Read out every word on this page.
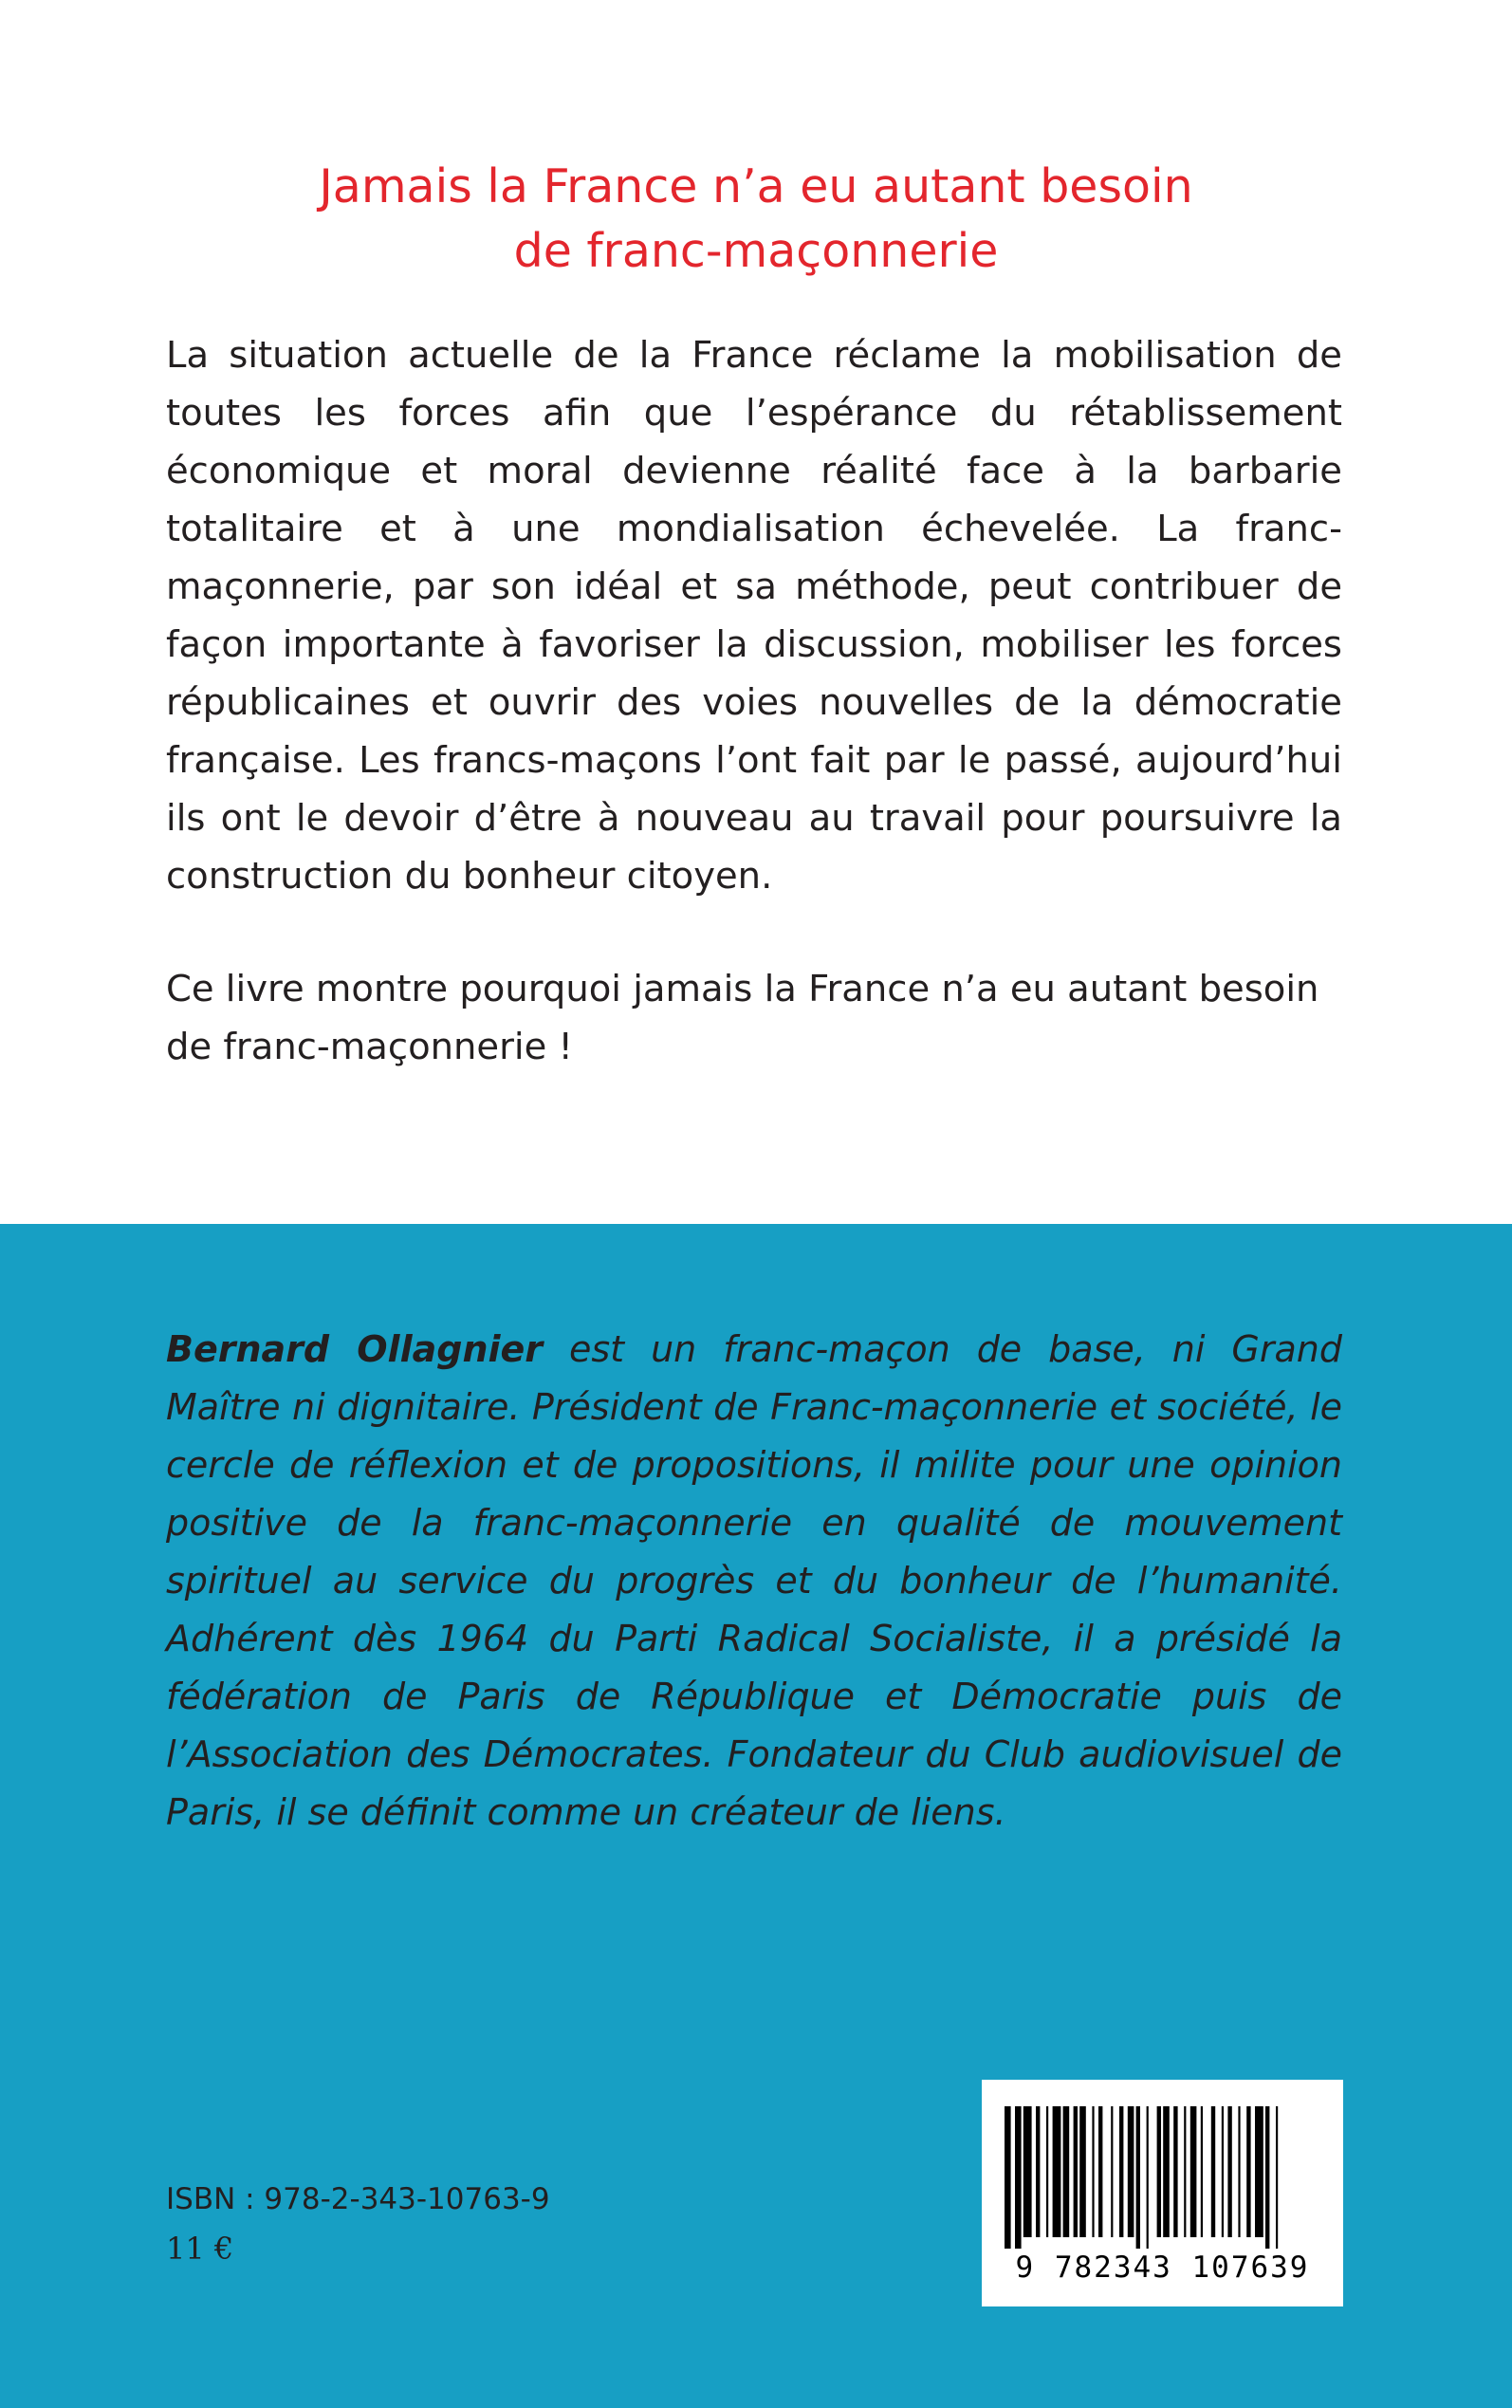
Jamais la France n’a eu autant besoin
de franc-maçonnerie

La situation actuelle de la France réclame la mobilisation de toutes les forces afin que l’espérance du rétablissement économique et moral devienne réalité face à la barbarie totalitaire et à une mondialisation échevelée. La franc-maçonnerie, par son idéal et sa méthode, peut contribuer de façon importante à favoriser la discussion, mobiliser les forces républicaines et ouvrir des voies nouvelles de la démocratie française. Les francs-maçons l’ont fait par le passé, aujourd’hui ils ont le devoir d’être à nouveau au travail pour poursuivre la construction du bonheur citoyen.

Ce livre montre pourquoi jamais la France n’a eu autant besoin de franc-maçonnerie !

Bernard Ollagnier est un franc-maçon de base, ni Grand Maître ni dignitaire. Président de Franc-maçonnerie et société, le cercle de réflexion et de propositions, il milite pour une opinion positive de la franc-maçonnerie en qualité de mouvement spirituel au service du progrès et du bonheur de l’humanité. Adhérent dès 1964 du Parti Radical Socialiste, il a présidé la fédération de Paris de République et Démocratie puis de l’Association des Démocrates. Fondateur du Club audiovisuel de Paris, il se définit comme un créateur de liens.

ISBN : 978-2-343-10763-9
11 €
9 782343 107639
